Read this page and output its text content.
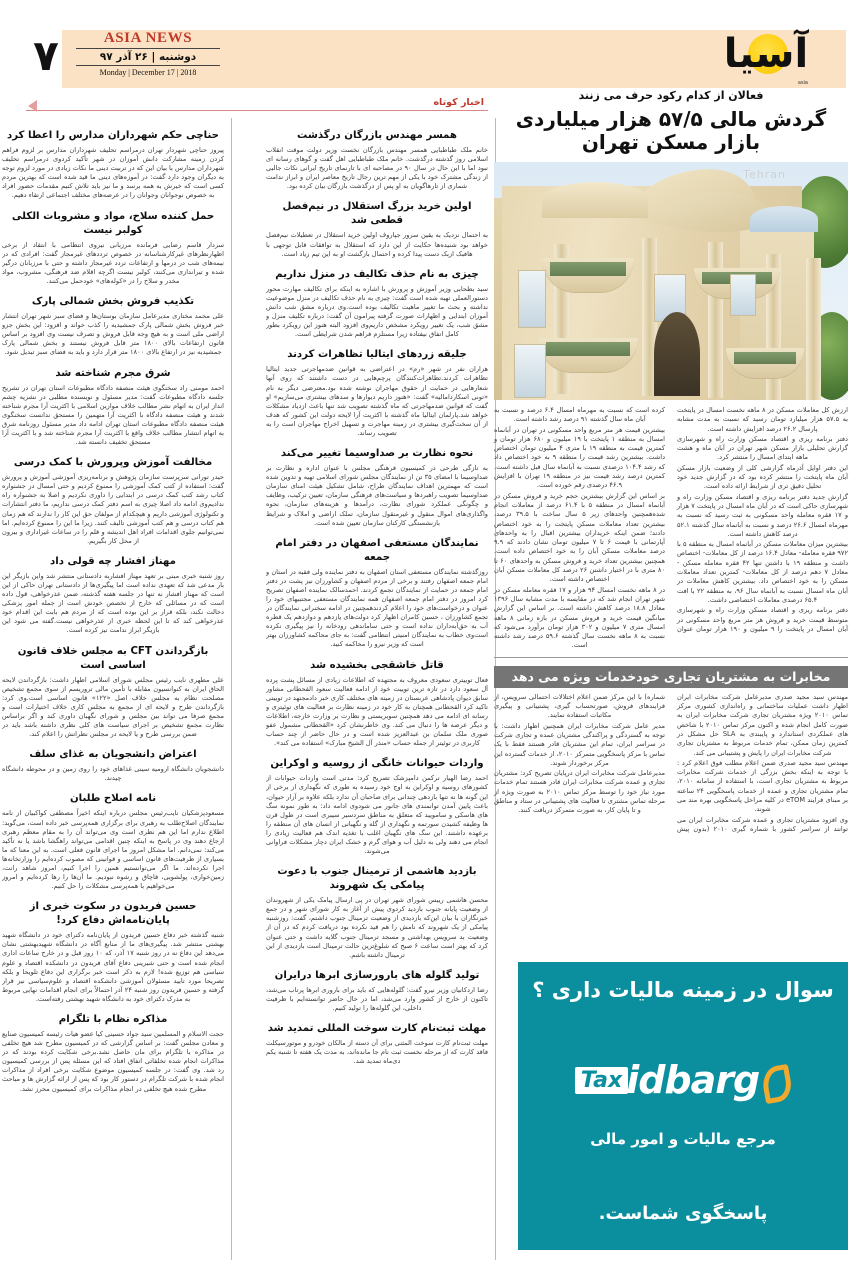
۷	ASIA NEWS
دوشنبه | ۲۶ آذر ۹۷
Monday | December 17 | 2018	آسیا
asia
اخبار کوتاه
حناچی حکم شهرداران مدارس را اعطا کرد

پیروز حناچی شهردار تهران درمراسم تحلیف شهرداران مدارس بر لزوم فراهم کردن زمینه مشارکت دانش آموزان در شهر تأکید کردوی درمراسم تحلیف شهرداران مدارس با بیان این که در تربیت دینی ما نکات زیادی در مورد لزوم توجه به دیگران وجود دارد گفت: در آموزه‌های دینی ما قید شده است که بهترین مردم کسی است که خیرش به همه برسد و ما نیز باید تلاش کنیم مقدمات حضور افراد به خصوص نوجوانان وجوانان را در عرصه‌های مختلف اجتماعی ارتقاء دهیم.

حمل کننده سلاح، مواد و مشروبات الکلی کولبر نیست

سردار قاسم رضایی فرمانده مرزبانی نیروی انتظامی با انتقاد از برخی اظهارنظرهای غیرکارشناسانه در خصوص ترددهای غیرمجاز گفت: افرادی که در نیمه‌های شب در درمها و ارتفاعات تردد غیرمجاز داشته و حتی با مرزبانان درگیر شده و تیراندازی می‌کنند، کولبر نیست اگرچه اقلام ضد فرهنگی، مشروب، مواد مخدر و سلاح را در «کوله‌های» خودحمل می‌کنند.

تکذیب فروش بخش شمالی پارک

علی محمد مختاری مدیرعامل سازمان بوستان‌ها و فضای سبز شهر تهران انتشار خبر فروش بخش شمالی پارک جمشیدیه را کذب خواند و افزود: این بخش جزو اراضی ملی است و به هیچ وجه قابل فروش و تصرف نیست وی افزود بر اساس قانون ارتفاعات بالای ۱۸۰۰ متر قابل فروش نیستند و بخش شمالی پارک جمشیدیه نیز در ارتفاع بالای ۱۸۰۰ متر قرار دارد و باید به فضای سبز تبدیل شود.

شرق مجرم شناخته شد

احمد مومنی راد سخنگوی هیئت منصفه دادگاه مطبوعات استان تهران در تشریح جلسه دادگاه مطبوعات گفت: مدیر مسئول و نویسنده مطلبی در نشریه چشم انداز ایران به اتهام نشر مطالب خلاف موازین اسلامی با اکثریت آرا مجرم شناخته شدند و هیئت منصفه دادگاه با اکثریت آرا متهمین را مستحق ندانست سخنگوی هیئت منصفه دادگاه مطبوعات استان تهران ادامه داد مدیر مسئول روزنامه شرق به اتهام انتشار مطالب خلاف واقع با اکثریت آرا مجرم شناخته شد و با اکثریت آرا مستحق تخفیف دانسته شد.

مخالفت آموزش وپرورش با کمک درسی

حیدر تورانی سرپرست سازمان پژوهش و برنامه‌ریزی آموزشی آموزش و پرورش گفت: استفاده از کتب کمک آموزشی را ممنوع کردیم و حتی امسال در جشنواره کتاب رشد کتب کمک درسی در ابتدایی را داوری نکردیم و اصلا به جشنواره راه ندادیم‌وی ادامه داد اصلا چیزی به اسم دفتر کمک درسی نداریم، ما دفتر انتشارات و تکنولوژی آموزشی داریم و هیچکدام از مولفان حق این کار را ندارند که هم زمان هم کتاب درسی و هم کتب آموزشی تالیف کنند. زیرا ما این را ممنوع کرده‌ایم. اما نمی‌توانیم جلوی اقدامات افراد اهل اندیشه و قلم را در ساعات غیراداری و بیرون از محل کار بگیریم.

مهناز افشار چه قولی داد

روز شنبه خبری مبنی بر تعهد مهناز افشاربه دادستانی منتشر شد واین بازیگر این بار مدعی شد که تعهدی نداده است اما پیگیری‌ها از دادستانی تهران حاکی از این است که مهناز افشار نه تنها در جلسه هفته گذشته، ضمن عذرخواهی، قول داده است که در مسائلی که خارج از تخصص خودش است از جمله امور پزشکی دخالت نکند، بلکه قرار بر این بوده است که از مردم هم بابت این اقدام خود عذرخواهی کند که تا این لحظه خبری از عذرخواهی نیست.گفته می شود این بازیگر ابراز ندامت نیز کرده است.

بازگرداندن CFT به مجلس خلاف قانون اساسی است

علی مطهری نایب رئیس مجلس شورای اسلامی اظهار داشت: بازگرداندن لایحه الحاق ایران به کنوانسیون مقابله با تأمین مالی تروریسم از سوی مجمع تشخیص مصلحت نظام به مجلس خلاف اصل «۱۲۲» قانون اساسی است.وی کرد: بازگرداندن طرح و لایحه ای از مجمع به مجلس کاری خلاف اختیارات است و مجمع صرفا می تواند بین مجلس و شورای نگهبان داوری کند و اگر براساس نظارت مجمع تشخیص بر اجرای سیاست های کلی نظری داشته باشد باید در ضمن بررسی طرح و یا لایحه در مجلس نظراتش را اعلام کند.

اعتراض دانشجویان به غذای سلف

دانشجویان دانشگاه ارومیه سینی غذاهای خود را روی زمین و در محوطه دانشگاه چیدند.

نامه اصلاح طلبان

مسعودپزشکیان نایب‌رئیس مجلس درباره اینکه اخیراً مصطفی کواکبیان از نامه نمایندگان اصلاح‌طلب به رهبری برای برگزاری همه‌پرسی خبر داده است، می‌گوید: اطلاع ندارم اما این هم نظری است وی می‌تواند آن را به مقام معظم رهبری ارجاع دهند‌ وی در پاسخ به اینکه چنین اقدامی می‌تواند راهگشا باشد یا نه تأکید می‌کند: نمی‌دانم. اما مشکل امروز ما اجرای قانون فعلی است. به این معنا که ما بسیاری از ظرفیت‌های قانون اساسی و قوانینی که مصوب کرده‌ایم را وزارتخانه‌ها اجرا نکرده‌اند. ما اگر می‌توانستیم همین را اجرا کنیم، امروز شاهد رانت، زمین‌خواری، پولشویی، قاچاق و رشوه نبودیم. ما آن‌ها را رها کرده‌ایم و امروز می‌خواهیم با همه‌پرسی مشکلات را حل کنیم.

حسین فریدون در سکوت خبری از پایان‌نامه‌اش دفاع کرد!

شنبه گذشته خبر دفاع حسین فریدون از پایان‌نامه دکترای خود در دانشگاه شهید بهشتی منتشر شد. پیگیری‌های ما از منابع آگاه در دانشگاه شهیدبهشتی نشان می‌دهد این دفاع نه در روز شنبه ۱۷ آذر، که ۱۰ روز قبل و در خارج ساعات اداری انجام شده است و حتی شیرینی دفاع آقای فریدون در دانشکده اقتصاد و علوم سیاسی هم توزیع شده! لازم به ذکر است خبر برگزاری این دفاع تلویحا و بلکه تصریحا مورد تایید مسئولان آموزشی دانشکده اقتصاد و علوم‌سیاسی نیز قرار گرفته و حسین فریدون روز شنبه ۲۴ آذر احتمالاً برای انجام اقدامات نهایی مربوط به مدرک دکترای خود به دانشگاه شهید بهشتی رفته‌است.

مذاکره نظام با تلگرام

حجت الاسلام و المسلمین سید جواد حسینی کیا عضو هیات رئیسه کمیسیون صنایع و معادن مجلس گفت: بر اساس گزارشی که در کمیسیون مطرح شد هیچ تخلفی در مذاکره با تلگرام برای مان حاصل نشد.برخی شکایت کرده بودند که در مذاکرات انجام شده تخلفاتی اتفاق افتاد که این مسئله پس از بررسی کمیسیون رد شد. وی گفت: در جلسه کمیسیون موضوع شکایت برخی افراد از مذاکرات انجام شده با شرکت تلگرام در دستور کار بود که پس از ارائه گزارش ها و مباحث مطرح شده هیچ تخلفی در انجام مذاکرات برای کمیسیون محرز نشد.

همسر مهندس بازرگان درگذشت

خانم ملک طباطبایی همسر مهندس بازرگان نخست وزیر دولت موقت انقلاب اسلامی روز گذشته درگذشت. خانم ملک طباطبایی اهل گفت و گوهای رسانه ای نبود اما با این حال در سال ۹۰ در مصاحبه ای با تارنمای تاریخ ایرانی نکات جالبی از زندگی مشترک خود با یکی از مهم ترین رجال تاریخ معاصر ایران و ابراز ندامت شماری از تارهاگویان به او پس از درگذشت بازرگان بیان کرده بود.

اولین خرید بزرگ استقلال در نیم‌فصل قطعی شد

به احتمال نزدیک به یقین سرور جپاروف اولین خرید استقلال در تعطیلات نیم‌فصل خواهد بود شنیده‌ها حکایت از این دارد که استقلال به توافقات قابل توجهی با هافبک ازبک دست پیدا کرده و احتمال بازگشت او به این تیم زیاد است.

چیزی به نام حذف تکالیف در منزل نداریم

سید بطحایی وزیر آموزش و پرورش با اشاره به اینکه برای تکالیف مهارت محور دستورالعملی تهیه شده است گفت: چیزی به نام حذف تکالیف در منزل موضوعیت نداشته و بحث ما تغییر ماهیت تکالیف بوده است.وی درباره مشق شب دانش آموزان ابتدایی و اظهارات صورت گرفته پیرامون آن گفت: درباره تکلیف منزل و مشق شب، یک تغییر رویکرد مشخص داریم‌وی افزود البته هنوز این رویکرد بطور کامل اتفاق نیفتاده زیرا مستلزم فراهم شدن شرایطی است.

جلیقه زردهای ایتالیا تظاهرات کردند

هزاران نفر در شهر «رم» در اعتراضی به قوانین ضدمهاجرتی جدید ایتالیا تظاهرات کردند.تظاهرات‌کنندگان پرچم‌هایی در دست داشتند که روی آنها شعارهایی در حمایت از حقوق مهاجران نوشته شده بود.معترضی دیگر به نام «تونی اسکاردامالیه» گفت: «هنوز داریم دیوارها و سدهای بیشتری می‌سازیم» او گفت که قوانین ضدمهاجرتی که ماه گذشته تصویب شد تنها باعث ازدیاد مشکلات خواهد شد.پارلمان ایتالیا ماه گذشته با اکثریت آرا لایحه دولت این کشور که هدف از آن سخت‌گیری بیشتری در زمینه مهاجرت و تسهیل اخراج مهاجران است را به تصویب رساند.

نحوه نظارت بر صداوسیما تغییر می‌کند

به تازگی طرحی در کمیسیون فرهنگی مجلس با عنوان اداره و نظارت بر صداوسیما با امضای ۳۵ تن از نمایندگان مجلس شورای اسلامی تهیه و تدوین شده است که مهمترین اهداف نمایندگان طراح، شامل تشکیل هیئت امنای سازمان صداوسیما تصویب راهبردها و سیاست‌های فرهنگی سازمان، تعیین ترکیب، وظایف و چگونگی عملکرد شورای نظارت، درآمدها و هزینه‌های سازمان، نحوه واگذاری‌های اموال منقول و غیرمنقول سازمان، تملک اراضی و املاک و شرایط بازنشستگی کارکنان سازمان تعیین شده است.

نمایندگان مستعفی اصفهان در دفتر امام جمعه

روزگذشته نمایندگان مستعفی استان اصفهان به دفتر نماینده ولی فقیه در استان و امام جمعه اصفهان رفتند و برخی از مردم اصفهان و کشاورزان نیز پشت در دفتر امام جمعه در حمایت از نمایندگان تجمع کردند. احمدسالک نماینده اصفهان تصریح کرد امروز در دفتر امام جمعه اصفهان همه نمایندگان مستعفی مجتبیهای خود را عنوان و درخواست‌های خود را اعلام کردند‌همچنین در ادامه سخنرانی نمایندگان در تجمع کشاورزان ، حسین کامران اظهار کرد دولت‌های یازدهم و دوازدهم یک قطره آب به حق‌آبه‌داران نداده است و حتی ساماندهی رودخانه را نیز پیگیری نکرده است‌وی خطاب به نمایندگان امنیتی انتظامی گفت: به جای محاکمه کشاورزان بهتر است که وزیر نیرو را محاکمه کنید.

قاتل خاشقجی بخشیده شد

فعال توییتری سعودی معروف به مجتهده که اطلاعات زیادی از مسائل پشت پرده آل سعود دارد در تازه ترین توییت خود از ادامه فعالیت سعود القحطانی مشاور سابق دیوان پادشاهی عربستان در زمینه های مختلف کاری خبر دادمجتهد در توییتی تاکید کرد القحطانی همچنان به کار خود در زمینه نظارت بر فعالیت های توئیتری و رسانه ای ادامه می دهد همچنین سوبریستی و نظارت بر وزارت خارجه، اطلاعات و دیگر عرصه ها را دنبال می کند. وی خاطرنشان کرد «القحطانی مشمول عفو صوری ملک سلمان بن عبدالعزیز شده است و در حال حاضر از چند حساب کاربری در توئیتر از جمله حساب «منذر آل الشیخ مبارک» استفاده می کند».

واردات حیوانات خانگی از روسیه و اوکراین

احمد رضا الهیار ترکمن دامپزشک تصریح کرد: مدتی است واردات حیوانات از کشورهای روسیه و اوکراین به اوج خود رسیده به طوری که نگهداری از برخی از این گونه ها نه تنها بازدهی چندانی برای صاحبان آن ندارد بلکه علاوه بر آزار حیوان، باعث پایین آمدن توانمندی های جانور می شود‌وی ادامه داد: به طور نمونه سگ های هاسکی و سامویید که متعلق به مناطق سردسیر سیبری است در طول قرن ها وظیفه کشیدن سورتمه و نگهداری از گله و نگهبانی از انسان های آن منطقه را برعهده داشتند. این سگ های نگهبان اغلب با تغذیه اندک هم فعالیت زیادی را انجام می دهند ولی به دلیل آب و هوای گرم و خشک ایران دچار مشکلات فراوانی می‌شوند.

بازدید هاشمی از ترمینال جنوب با دعوت پیامکی یک شهروند

محسن هاشمی رییس شورای شهر تهران در پی ارسال پیامک یکی از شهروندان از وضعیت پایانه جنوب بازدید کردوی پیش از آغاز به کار شورای شهر و در جمع خبرنگاران با بیان این‌که بازدیدی از وضعیت ترمینال جنوب داشتم، گفت: روزشنبه پیامکی از یک شهروند که نامش را هم قید نکرده بود دریافت کردم که در آن از وضعیت بد سرویس بهداشتی و مسجد ترمینال جنوب گلایه داشت و حتی عنوان کرد که بهتر است ساعت ۶ صبح که شلوغ‌ترین حالت ترمینال است بازدیدی از این ترمینال داشته باشم.

تولید گلوله های بارورسازی ابرها درایران

رضا اردکانیان وزیر نیرو گفت: گلوله‌هایی که باید برای باروری ابرها پرتاب می‌شد، تاکنون از خارج از کشور وارد می‌شد، اما در حال حاضر توانسته‌ایم با ظرفیت داخلی، این گلوله‌ها را تولید کنیم.

مهلت ثبت‌نام کارت سوخت المللی تمدید شد

مهلت ثبت‌نام کارت سوخت المثنی برای آن دسته از مالکان خودرو و موتورسیکلت فاقد کارت که از مرحله نخست ثبت نام جا مانده‌اند، به مدت یک هفته تا شنبه یکم دی‌ماه تمدید شد.

فعالان از کدام رکود حرف می زنند
گردش مالی ۵۷/۵ هزار میلیاردی
بازار مسکن تهران
Tehran

ارزش کل معاملات مسکن در ۸ ماهه نخست امسال در پایتخت به ۵۷.۵ هزار میلیارد تومان رسید که نسبت به مدت مشابه پارسال ۲۶.۲ درصد افزایش داشته است.

دفتر برنامه ریزی و اقتصاد مسکن وزارت راه و شهرسازی گزارش تحلیلی بازار مسکن شهر تهران در آبان ماه و هشت ماهه ابتدای امسال را منتشر کرد.

این دفتر اوایل آذرماه گزارشی کلی از وضعیت بازار مسکن آبان ماه پایتخت را منتشر کرده بود که در گزارش جدید خود تحلیل دقیق تری از شرایط ارائه داده است.

گزارش جدید دفتر برنامه ریزی و اقتصاد مسکن وزارت راه و شهرسازی حاکی است که در آبان ماه امسال در پایتخت ۷ هزار و ۱۷ فقره معامله واحد مسکونی به ثبت رسید که نسبت به مهرماه امسال ۲۶.۶ درصد و نسبت به آبانماه سال گذشته ۵۲.۱ درصد کاهش داشته است.

بیشترین میزان معاملات مسکن در آبانماه امسال به منطقه ۵ با ۹۷۲ فقره معامله- معادل ۱۶.۴ درصد از کل معاملات- اختصاص داشت و منطقه ۱۹ با داشتن تنها ۴۲ فقره معامله مسکن - معادل ۷ دهم درصد از کل معاملات- کمترین تعداد معاملات مسکن را به خود اختصاص داد. بیشترین کاهش معاملات در آبان ماه امسال نسبت به آبانماه سال ۹۶، به منطقه ۲۲ با افت ۶۵.۴ درصدی معاملات اختصاصی داشت.

دفتر برنامه ریزی و اقتصاد مسکن وزارت راه و شهرسازی متوسط قیمت خرید و فروش هر متر مربع واحد مسکونی در آبان امسال در پایتخت را ۹ میلیون و ۱۹۰ هزار تومان عنوان کرده است که نسبت به مهرماه امسال ۶.۴ درصد و نسبت به آبان ماه سال گذشته ۹۱ درصد رشد داشته است.

بیشترین قیمت هر متر مربع واحد مسکونی در تهران در آبانماه امسال به منطقه ۱ پایتخت با ۱۹ میلیون و ۶۸۰ هزار تومان و کمترین قیمت به منطقه ۱۹ با متری ۴ میلیون تومان اختصاص داشت. بیشترین رشد قیمت را منطقه ۹ به خود اختصاص داد که رشد ۱۰۴.۴ درصدی نسبت به آبانماه سال قبل داشته است. کمترین درصد رشد قیمت نیز در منطقه ۱۹ تهران با افزایش ۴۶.۹ درصدی رقم خورده است.

بر اساس این گزارش بیشترین حجم خرید و فروش مسکن در آبانماه امسال در منطقه ۵ با ۶۱.۴ درصد از معاملات انجام شده‌همچنین واحدهای زیر ۵ سال ساخت با ۳۹.۵ درصد، بیشترین تعداد معاملات مسکن پایتخت را به خود اختصاص دادند؛ ضمن اینکه خریداران بیشترین اقبال را به واحدهای آپارتمانی با قیمت ۶ تا ۷ میلیون تومان نشان دادند که ۹.۹ درصد معاملات مسکن آبان را به خود اختصاص داده است. همچنین بیشترین تعداد خرید و فروش مسکن به واحدهای ۶۰ تا ۸۰ متری با در اختیار داشتن ۲۶ درصد کل معاملات مسکن آبان اختصاص داشته است.

در ۸ ماهه نخست امسال ۹۴ هزار و ۱۷ فقره معامله مسکن در شهر تهران انجام شد که در مقایسه با مدت مشابه سال ۱۳۹۶ معادل ۱۸.۸ درصد کاهش داشته است. بر اساس این گزارش میانگین قیمت خرید و فروش مسکن در بازه زمانی ۸ ماهه امسال متری ۷ میلیون و ۳۰۲ هزار تومان برآورد می‌شود که نسبت به ۸ ماهه نخست سال گذشته ۵۹.۶ درصد رشد داشته است.

مخابرات به مشتریان تجاری خودخدمات ویژه می دهد

مهندس سید مجید صدری مدیرعامل شرکت مخابرات ایران اظهار داشت عملیات ساختمانی و راه‌اندازی کشوری مرکز تماس ۲۰۱۰ ویژه مشتریان تجاری شرکت مخابرات ایران به صورت کامل انجام شده و اکنون مرکز تماس ۲۰۱۰ با شاخص های عملکردی استاندارد و پایبندی به SLA حل مشکل در کمترین زمان ممکن، تمام خدمات مربوط به مشتریان تجاری شرکت مخابرات ایران را پایش و پشتیبانی می کند.

مهندس سید مجید صدری ضمن اعلام مطلب فوق اعلام کرد : با توجه به اینکه بخش بزرگی از خدمات شرکت مخابرات مربوط به مشتریان تجاری است، با استفاده از سامانه ۲۰۱۰، تمام مشتریان تجاری و عمده از خدمات پاسخگویی ۲۴ ساعته بر مبنای فرایند eTOM در کلیه مراحل پاسخگویی بهره مند می شوند.

وی افزود مشتریان تجاری و عمده شرکت مخابرات ایران می توانند از سراسر کشور با شماره گیری ۲۰۱۰ (بدون پیش شماره) با این مرکز ضمن اعلام اختلالات احتمالی سرویس، از فرایندهای فروش، صورتحساب گیری، پشتیبانی و پیگیری مکاتبات استفاده نمایند.

مدیر عامل شرکت مخابرات ایران همچنین اظهار داشت: با توجه به گستردگی و پراکندگی مشتریان عمده و تجاری شرکت در سراسر ایران، تمام این مشتریان قادر هستند فقط با یک تماس با مرکز پاسخگویی متمرکز ۲۰۱۰، از خدمات گسترده این مرکز برخوردار شوند.

مدیرعامل شرکت مخابرات ایران درپایان تصریح کرد: مشتریان تجاری و عمده شرکت مخابرات ایران قادر هستند تمام خدمات مورد نیاز خود را توسط مرکز تماس ۲۰۱۰ به صورت ویژه از مرحله تماس مشتری تا فعالیت های پشتیبانی در ستاد و مناطق و تا پایان کار، به صورت متمرکز دریافت کنند.

سوال در زمینه مالیات داری ؟
idbargTax
مرجع مالیات و امور مالی
پاسخگوی شماست.
